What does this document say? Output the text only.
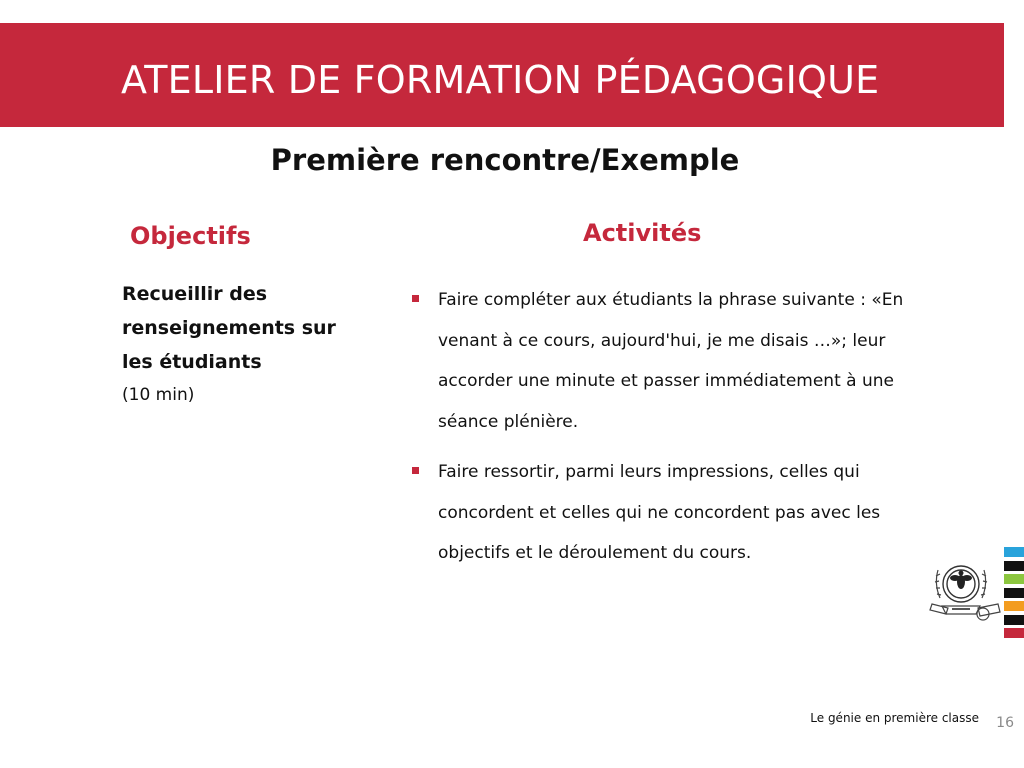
ATELIER DE FORMATION PÉDAGOGIQUE
Première rencontre/Exemple
Objectifs	Activités
Recueillir des renseignements sur les étudiants
(10 min)
Faire compléter aux étudiants la phrase suivante : «En venant à ce cours, aujourd'hui, je me disais …»; leur accorder une minute et passer immédiatement à une séance plénière.
Faire ressortir, parmi leurs impressions, celles qui concordent et celles qui ne concordent pas avec les objectifs et le déroulement du cours.
Le génie en première classe 16
